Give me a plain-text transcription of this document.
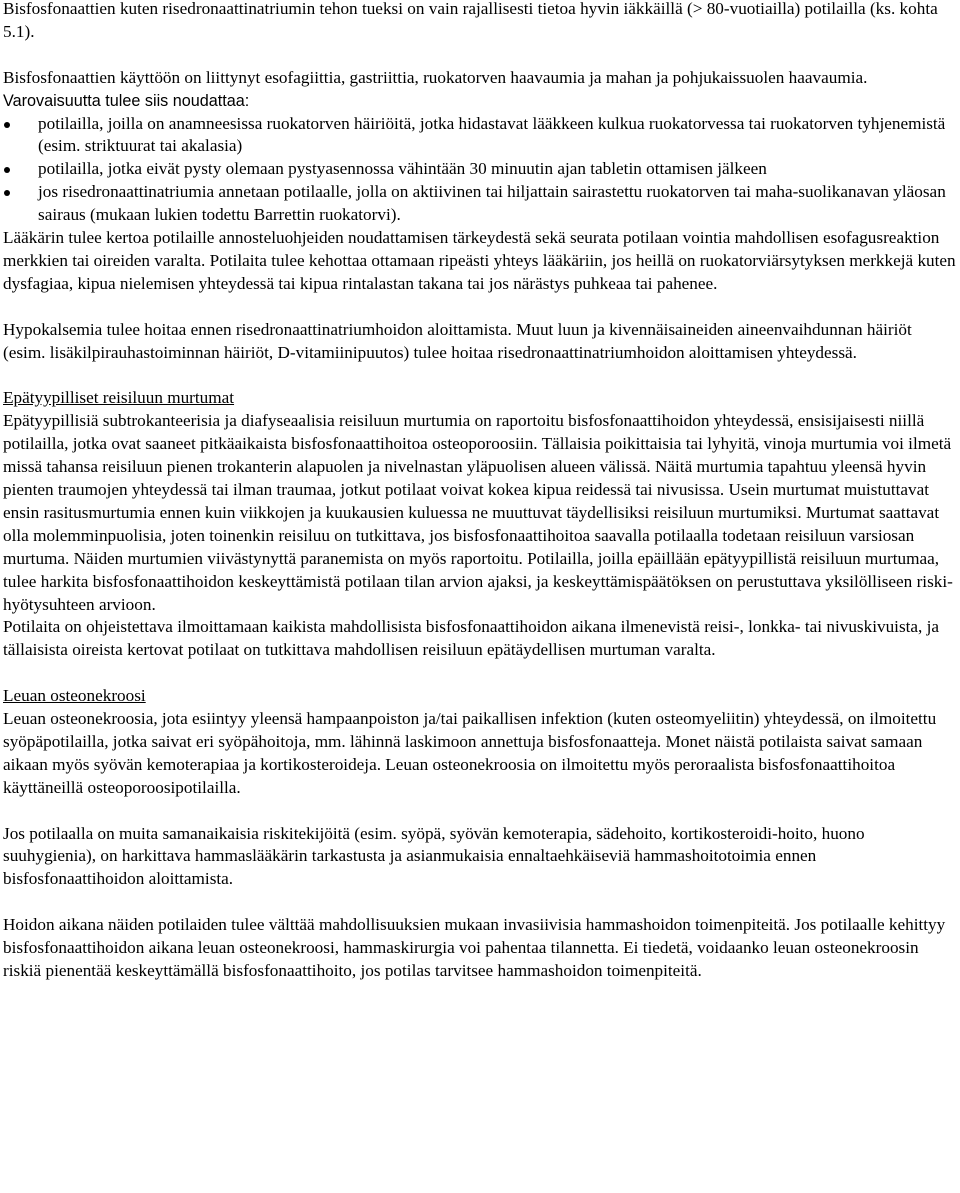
Bisfosfonaattien kuten risedronaattinatriumin tehon tueksi on vain rajallisesti tietoa hyvin iäkkäillä (> 80-vuotiailla) potilailla (ks. kohta 5.1).

Bisfosfonaattien käyttöön on liittynyt esofagiittia, gastriittia, ruokatorven haavaumia ja mahan ja pohjukaissuolen haavaumia. Varovaisuutta tulee siis noudattaa:

potilailla, joilla on anamneesissa ruokatorven häiriöitä, jotka hidastavat lääkkeen kulkua ruokatorvessa tai ruokatorven tyhjenemistä (esim. striktuurat tai akalasia)
potilailla, jotka eivät pysty olemaan pystyasennossa vähintään 30 minuutin ajan tabletin ottamisen jälkeen
jos risedronaattinatriumia annetaan potilaalle, jolla on aktiivinen tai hiljattain sairastettu ruokatorven tai maha-suolikanavan yläosan sairaus (mukaan lukien todettu Barrettin ruokatorvi).

Lääkärin tulee kertoa potilaille annosteluohjeiden noudattamisen tärkeydestä sekä seurata potilaan vointia mahdollisen esofagusreaktion merkkien tai oireiden varalta. Potilaita tulee kehottaa ottamaan ripeästi yhteys lääkäriin, jos heillä on ruokatorviärsytyksen merkkejä kuten dysfagiaa, kipua nielemisen yhteydessä tai kipua rintalastan takana tai jos närästys puhkeaa tai pahenee.

Hypokalsemia tulee hoitaa ennen risedronaattinatriumhoidon aloittamista. Muut luun ja kivennäisaineiden aineenvaihdunnan häiriöt (esim. lisäkilpirauhastoiminnan häiriöt, D-vitamiinipuutos) tulee hoitaa risedronaattinatriumhoidon aloittamisen yhteydessä.

Epätyypilliset reisiluun murtumat

Epätyypillisiä subtrokanteerisia ja diafyseaalisia reisiluun murtumia on raportoitu bisfosfonaattihoidon yhteydessä, ensisijaisesti niillä potilailla, jotka ovat saaneet pitkäaikaista bisfosfonaattihoitoa osteoporoosiin. Tällaisia poikittaisia tai lyhyitä, vinoja murtumia voi ilmetä missä tahansa reisiluun pienen trokanterin alapuolen ja nivelnastan yläpuolisen alueen välissä. Näitä murtumia tapahtuu yleensä hyvin pienten traumojen yhteydessä tai ilman traumaa, jotkut potilaat voivat kokea kipua reidessä tai nivusissa. Usein murtumat muistuttavat ensin rasitusmurtumia ennen kuin viikkojen ja kuukausien kuluessa ne muuttuvat täydellisiksi reisiluun murtumiksi. Murtumat saattavat olla molemminpuolisia, joten toinenkin reisiluu on tutkittava, jos bisfosfonaattihoitoa saavalla potilaalla todetaan reisiluun varsiosan murtuma. Näiden murtumien viivästynyttä paranemista on myös raportoitu. Potilailla, joilla epäillään epätyypillistä reisiluun murtumaa, tulee harkita bisfosfonaattihoidon keskeyttämistä potilaan tilan arvion ajaksi, ja keskeyttämispäätöksen on perustuttava yksilölliseen riski-hyötysuhteen arvioon.

Potilaita on ohjeistettava ilmoittamaan kaikista mahdollisista bisfosfonaattihoidon aikana ilmenevistä reisi-, lonkka- tai nivuskivuista, ja tällaisista oireista kertovat potilaat on tutkittava mahdollisen reisiluun epätäydellisen murtuman varalta.

Leuan osteonekroosi

Leuan osteonekroosia, jota esiintyy yleensä hampaanpoiston ja/tai paikallisen infektion (kuten osteomyeliitin) yhteydessä, on ilmoitettu syöpäpotilailla, jotka saivat eri syöpähoitoja, mm. lähinnä laskimoon annettuja bisfosfonaatteja. Monet näistä potilaista saivat samaan aikaan myös syövän kemoterapiaa ja kortikosteroideja. Leuan osteonekroosia on ilmoitettu myös peroraalista bisfosfonaattihoitoa käyttäneillä osteoporoosipotilailla.

Jos potilaalla on muita samanaikaisia riskitekijöitä (esim. syöpä, syövän kemoterapia, sädehoito, kortikosteroidi-hoito, huono suuhygienia), on harkittava hammaslääkärin tarkastusta ja asianmukaisia ennaltaehkäiseviä hammashoitotoimia ennen bisfosfonaattihoidon aloittamista.

Hoidon aikana näiden potilaiden tulee välttää mahdollisuuksien mukaan invasiivisia hammashoidon toimenpiteitä. Jos potilaalle kehittyy bisfosfonaattihoidon aikana leuan osteonekroosi, hammaskirurgia voi pahentaa tilannetta. Ei tiedetä, voidaanko leuan osteonekroosin riskiä pienentää keskeyttämällä bisfosfonaattihoito, jos potilas tarvitsee hammashoidon toimenpiteitä.
